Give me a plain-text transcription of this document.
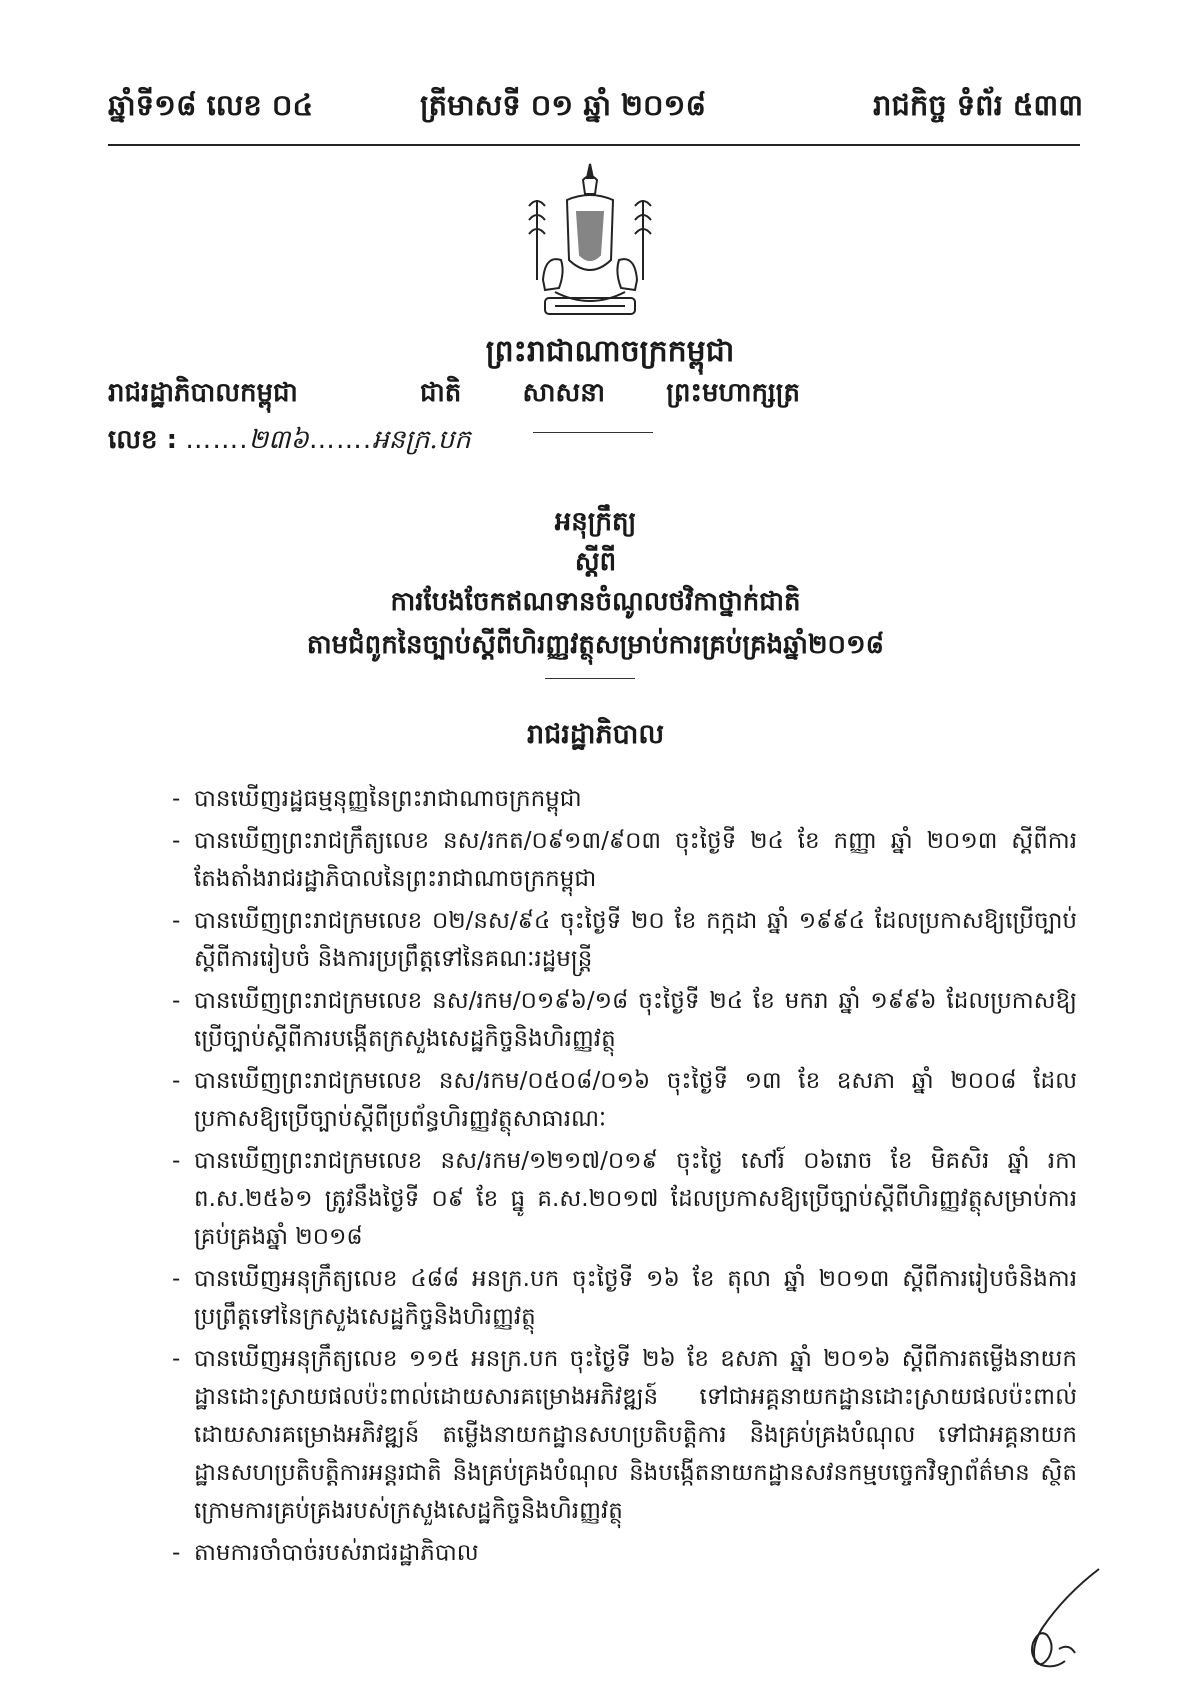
ឆ្នាំទី១៨ លេខ ០៤	ត្រីមាសទី ០១ ឆ្នាំ ២០១៨	រាជកិច្ច ទំព័រ ៥៣៣
ព្រះរាជាណាចក្រកម្ពុជា
ជាតិ សាសនា ព្រះមហាក្សត្រ
រាជរដ្ឋាភិបាលកម្ពុជា
លេខ : …….២៣៦…….អនក្រ.បក
អនុក្រឹត្យ
ស្តីពី
ការបែងចែកឥណទានចំណូលថវិកាថ្នាក់ជាតិ
តាមជំពូកនៃច្បាប់ស្តីពីហិរញ្ញវត្ថុសម្រាប់ការគ្រប់គ្រងឆ្នាំ២០១៨
រាជរដ្ឋាភិបាល
- បានឃើញរដ្ឋធម្មនុញ្ញនៃព្រះរាជាណាចក្រកម្ពុជា
- បានឃើញព្រះរាជក្រឹត្យលេខ នស/រកត/០៩១៣/៩០៣ ចុះថ្ងៃទី ២៤ ខែ កញ្ញា ឆ្នាំ ២០១៣ ស្តីពីការតែងតាំងរាជរដ្ឋាភិបាលនៃព្រះរាជាណាចក្រកម្ពុជា
- បានឃើញព្រះរាជក្រមលេខ ០២/នស/៩៤ ចុះថ្ងៃទី ២០ ខែ កក្កដា ឆ្នាំ ១៩៩៤ ដែលប្រកាសឱ្យប្រើច្បាប់ស្តីពីការរៀបចំ និងការប្រព្រឹត្តទៅនៃគណៈរដ្ឋមន្ត្រី
- បានឃើញព្រះរាជក្រមលេខ នស/រកម/០១៩៦/១៨ ចុះថ្ងៃទី ២៤ ខែ មករា ឆ្នាំ ១៩៩៦ ដែលប្រកាសឱ្យប្រើច្បាប់ស្តីពីការបង្កើតក្រសួងសេដ្ឋកិច្ចនិងហិរញ្ញវត្ថុ
- បានឃើញព្រះរាជក្រមលេខ នស/រកម/០៥០៨/០១៦ ចុះថ្ងៃទី ១៣ ខែ ឧសភា ឆ្នាំ ២០០៨ ដែលប្រកាសឱ្យប្រើច្បាប់ស្តីពីប្រព័ន្ធហិរញ្ញវត្ថុសាធារណៈ
- បានឃើញព្រះរាជក្រមលេខ នស/រកម/១២១៧/០១៩ ចុះថ្ងៃ សៅរ៍ ០៦រោច ខែ មិគសិរ ឆ្នាំ រកា ព.ស.២៥៦១ ត្រូវនឹងថ្ងៃទី ០៩ ខែ ធ្នូ គ.ស.២០១៧ ដែលប្រកាសឱ្យប្រើច្បាប់ស្តីពីហិរញ្ញវត្ថុសម្រាប់ការគ្រប់គ្រងឆ្នាំ ២០១៨
- បានឃើញអនុក្រឹត្យលេខ ៤៨៨ អនក្រ.បក ចុះថ្ងៃទី ១៦ ខែ តុលា ឆ្នាំ ២០១៣ ស្តីពីការរៀបចំនិងការប្រព្រឹត្តទៅនៃក្រសួងសេដ្ឋកិច្ចនិងហិរញ្ញវត្ថុ
- បានឃើញអនុក្រឹត្យលេខ ១១៥ អនក្រ.បក ចុះថ្ងៃទី ២៦ ខែ ឧសភា ឆ្នាំ ២០១៦ ស្តីពីការតម្លើងនាយកដ្ឋានដោះស្រាយផលប៉ះពាល់ដោយសារគម្រោងអភិវឌ្ឍន៍ ទៅជាអគ្គនាយកដ្ឋានដោះស្រាយផលប៉ះពាល់ដោយសារគម្រោងអភិវឌ្ឍន៍ តម្លើងនាយកដ្ឋានសហប្រតិបត្តិការ និងគ្រប់គ្រងបំណុល ទៅជាអគ្គនាយកដ្ឋានសហប្រតិបត្តិការអន្តរជាតិ និងគ្រប់គ្រងបំណុល និងបង្កើតនាយកដ្ឋានសវនកម្មបច្ចេកវិទ្យាព័ត៌មាន ស្ថិតក្រោមការគ្រប់គ្រងរបស់ក្រសួងសេដ្ឋកិច្ចនិងហិរញ្ញវត្ថុ
- តាមការចាំបាច់របស់រាជរដ្ឋាភិបាល
